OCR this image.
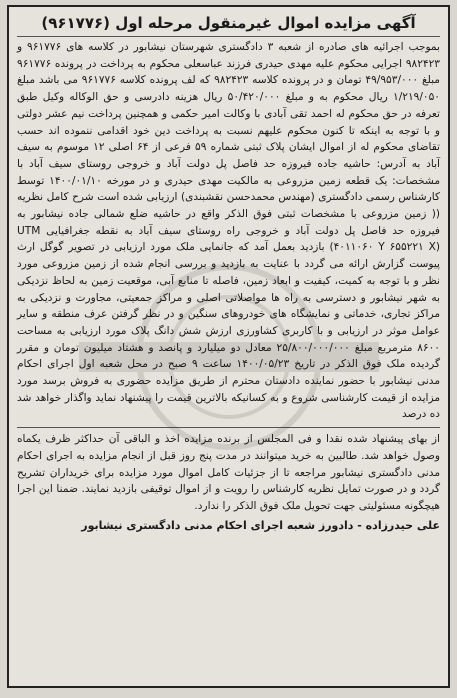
آگهی مزایده اموال غیرمنقول مرحله اول (۹۶۱۷۷۶)

بموجب اجرائیه های صادره از شعبه ۳ دادگستری شهرستان نیشابور در کلاسه های ۹۶۱۷۷۶ و ۹۸۲۴۲۳ اجرایی محکوم علیه مهدی حیدری فرزند عباسعلی محکوم به پرداخت در پرونده ۹۶۱۷۷۶ مبلغ ۴۹/۹۵۳/۰۰۰ تومان و در پرونده کلاسه ۹۸۲۴۲۳ که لف پرونده کلاسه ۹۶۱۷۷۶ می باشد مبلغ ۱/۲۱۹/۰۵۰ ریال محکوم به و مبلغ ۵۰/۴۲۰/۰۰۰ ریال هزینه دادرسی و حق الوکاله وکیل طبق تعرفه در حق محکوم له احمد تقی آبادی با وکالت امیر حکمی و همچنین پرداخت نیم عشر دولتی و با توجه به اینکه تا کنون محکوم علیهم نسبت به پرداخت دین خود اقدامی ننموده اند حسب تقاضای محکوم له از اموال ایشان پلاک ثبتی شماره ۵۹ فرعی از ۶۴ اصلی ۱۲ موسوم به سیف آباد به آدرس: حاشیه جاده فیروزه حد فاصل پل دولت آباد و خروجی روستای سیف آباد با مشخصات: یک قطعه زمین مزروعی به مالکیت مهدی حیدری و در مورخه ۱۴۰۰/۰۱/۱۰ توسط کارشناس رسمی دادگستری (مهندس محمدحسن نقشبندی) ارزیابی شده است شرح کامل نظریه (( زمین مزروعی با مشخصات ثبتی فوق الذکر واقع در حاشیه ضلع شمالی جاده نیشابور به فیروزه حد فاصل پل دولت آباد و خروجی راه روستای سیف آباد به نقطه جغرافیایی UTM (۴۰۱۱۰۶۰ Y ۶۵۵۲۲۱ X) بازدید بعمل آمد که جانمایی ملک مورد ارزیابی در تصویر گوگل ارث پیوست گزارش ارائه می گردد با عنایت به بازدید و بررسی انجام شده از زمین مزروعی مورد نظر و با توجه به کمیت، کیفیت و ابعاد زمین، فاصله تا منابع آبی، موقعیت زمین به لحاظ نزدیکی به شهر نیشابور و دسترسی به راه ها مواصلاتی اصلی و مراکز جمعیتی، مجاورت و نزدیکی به مراکز تجاری، خدماتی و نمایشگاه های خودروهای سنگین و در نظر گرفتن عرف منطقه و سایر عوامل موثر در ارزیابی و با کاربری کشاورزی ارزش شش دانگ پلاک مورد ارزیابی به مساحت ۸۶۰۰ مترمربع مبلغ ۲۵/۸۰۰/۰۰۰/۰۰۰ معادل دو میلیارد و پانصد و هشتاد میلیون تومان و مقرر گردیده ملک فوق الذکر در تاریخ ۱۴۰۰/۰۵/۲۳ ساعت ۹ صبح در محل شعبه اول اجرای احکام مدنی نیشابور با حضور نماینده دادستان محترم از طریق مزایده حضوری به فروش برسد مورد مزایده از قیمت کارشناسی شروع و به کسانیکه بالاترین قیمت را پیشنهاد نماید واگذار خواهد شد ده درصد

از بهای پیشنهاد شده نقدا و فی المجلس از برنده مزایده اخذ و الباقی آن حداکثر ظرف یکماه وصول خواهد شد. طالبین به خرید میتوانند در مدت پنج روز قبل از انجام مزایده به اجرای احکام مدنی دادگستری نیشابور مراجعه تا از جزئیات کامل اموال مورد مزایده برای خریداران تشریح گردد و در صورت تمایل نظریه کارشناس را رویت و از اموال توقیفی بازدید نمایند. ضمنا این اجرا هیچگونه مسئولیتی جهت تحویل ملک فوق الذکر را ندارد.

علی حیدرزاده - دادورز شعبه اجرای احکام مدنی دادگستری نیشابور
